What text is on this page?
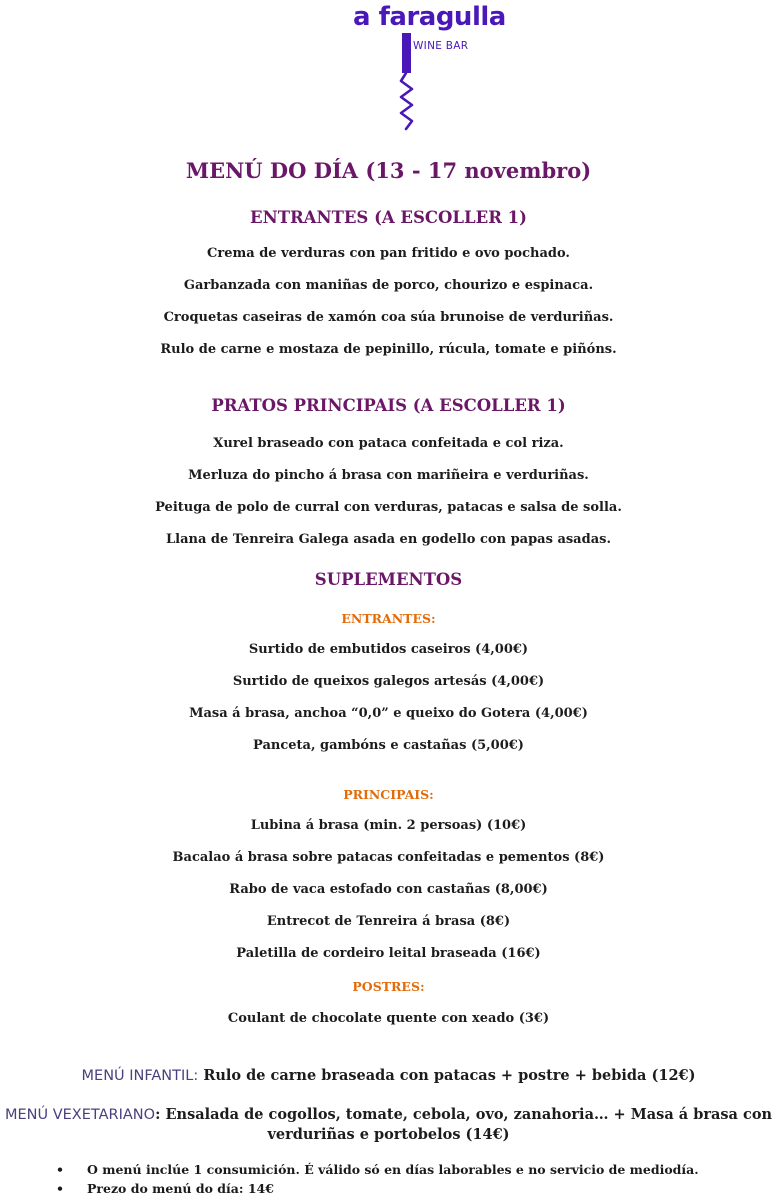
a faragulla
WINE BAR
MENÚ DO DÍA (13 - 17 novembro)
ENTRANTES (A ESCOLLER 1)
Crema de verduras con pan fritido e ovo pochado.
Garbanzada con maniñas de porco, chourizo e espinaca.
Croquetas caseiras de xamón coa súa brunoise de verduriñas.
Rulo de carne e mostaza de pepinillo, rúcula, tomate e piñóns.
PRATOS PRINCIPAIS (A ESCOLLER 1)
Xurel braseado con pataca confeitada e col riza.
Merluza do pincho á brasa con mariñeira e verduriñas.
Peituga de polo de curral con verduras, patacas e salsa de solla.
Llana de Tenreira Galega asada en godello con papas asadas.
SUPLEMENTOS
ENTRANTES:
Surtido de embutidos caseiros (4,00€)
Surtido de queixos galegos artesás (4,00€)
Masa á brasa, anchoa “0,0” e queixo do Gotera (4,00€)
Panceta, gambóns e castañas (5,00€)
PRINCIPAIS:
Lubina á brasa (min. 2 persoas) (10€)
Bacalao á brasa sobre patacas confeitadas e pementos (8€)
Rabo de vaca estofado con castañas (8,00€)
Entrecot de Tenreira á brasa (8€)
Paletilla de cordeiro leital braseada (16€)
POSTRES:
Coulant de chocolate quente con xeado (3€)
MENÚ INFANTIL: Rulo de carne braseada con patacas + postre + bebida (12€)
MENÚ VEXETARIANO: Ensalada de cogollos, tomate, cebola, ovo, zanahoria… + Masa á brasa con
verduriñas e portobelos (14€)
• O menú inclúe 1 consumición. É válido só en días laborables e no servicio de mediodía.
• Prezo do menú do día: 14€
